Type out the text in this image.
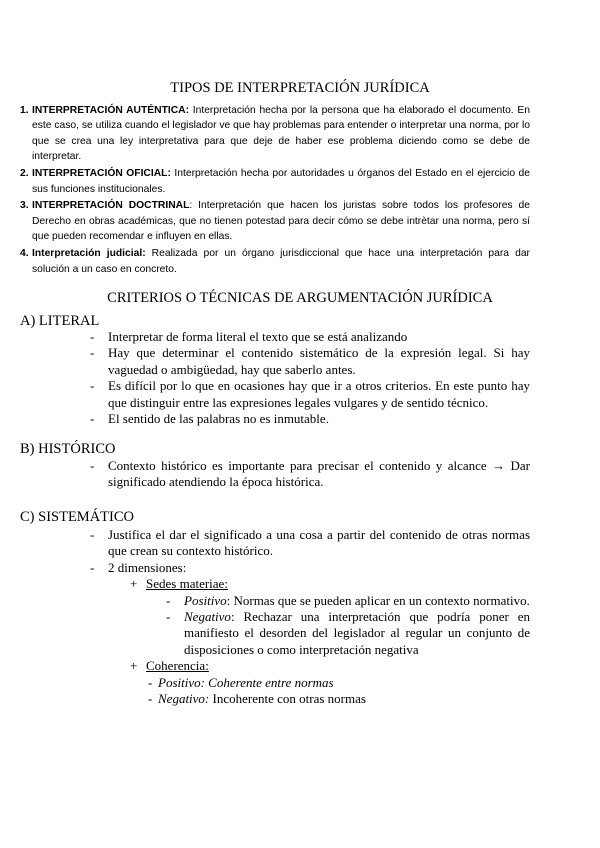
TIPOS DE INTERPRETACIÓN JURÍDICA
1. INTERPRETACIÓN AUTÉNTICA: Interpretación hecha por la persona que ha elaborado el documento. En este caso, se utiliza cuando el legislador ve que hay problemas para entender o interpretar una norma, por lo que se crea una ley interpretativa para que deje de haber ese problema diciendo como se debe de interpretar.
2. INTERPRETACIÓN OFICIAL: Interpretación hecha por autoridades u órganos del Estado en el ejercicio de sus funciones institucionales.
3. INTERPRETACIÓN DOCTRINAL: Interpretación que hacen los juristas sobre todos los profesores de Derecho en obras académicas, que no tienen potestad para decir cómo se debe intrètar una norma, pero sí que pueden recomendar e influyen en ellas.
4. Interpretación judicial: Realizada por un órgano jurisdiccional que hace una interpretación para dar solución a un caso en concreto.
CRITERIOS O TÉCNICAS DE ARGUMENTACIÓN JURÍDICA
A) LITERAL
- Interpretar de forma literal el texto que se está analizando
- Hay que determinar el contenido sistemático de la expresión legal. Si hay vaguedad o ambigüedad, hay que saberlo antes.
- Es difícil por lo que en ocasiones hay que ir a otros criterios. En este punto hay que distinguir entre las expresiones legales vulgares y de sentido técnico.
- El sentido de las palabras no es inmutable.
B) HISTÓRICO
- Contexto histórico es importante para precisar el contenido y alcance → Dar significado atendiendo la época histórica.
C) SISTEMÁTICO
- Justifica el dar el significado a una cosa a partir del contenido de otras normas que crean su contexto histórico.
- 2 dimensiones:
+ Sedes materiae:
- Positivo: Normas que se pueden aplicar en un contexto normativo.
- Negativo: Rechazar una interpretación que podría poner en manifiesto el desorden del legislador al regular un conjunto de disposiciones o como interpretación negativa
+ Coherencia:
- Positivo: Coherente entre normas
- Negativo: Incoherente con otras normas
